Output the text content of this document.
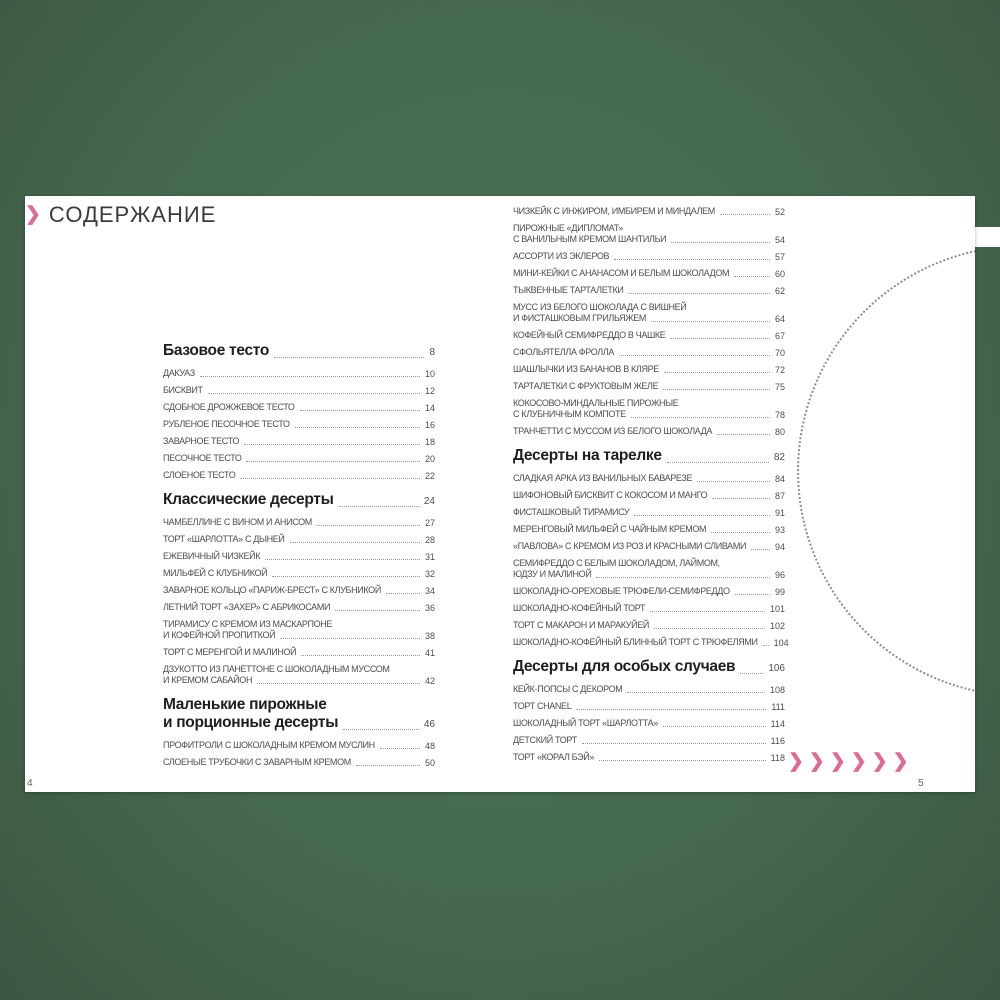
❯ СОДЕРЖАНИЕ
Базовое тесто	8
ДАКУАЗ	10
БИСКВИТ	12
СДОБНОЕ ДРОЖЖЕВОЕ ТЕСТО	14
РУБЛЕНОЕ ПЕСОЧНОЕ ТЕСТО	16
ЗАВАРНОЕ ТЕСТО	18
ПЕСОЧНОЕ ТЕСТО	20
СЛОЕНОЕ ТЕСТО	22
Классические десерты	24
ЧАМБЕЛЛИНЕ С ВИНОМ И АНИСОМ	27
ТОРТ «ШАРЛОТТА» С ДЫНЕЙ	28
ЕЖЕВИЧНЫЙ ЧИЗКЕЙК	31
МИЛЬФЕЙ С КЛУБНИКОЙ	32
ЗАВАРНОЕ КОЛЬЦО «ПАРИЖ-БРЕСТ» С КЛУБНИКОЙ	34
ЛЕТНИЙ ТОРТ «ЗАХЕР» С АБРИКОСАМИ	36
ТИРАМИСУ С КРЕМОМ ИЗ МАСКАРПОНЕ
И КОФЕЙНОЙ ПРОПИТКОЙ	38
ТОРТ С МЕРЕНГОЙ И МАЛИНОЙ	41
ДЗУКОТТО ИЗ ПАНЕТТОНЕ С ШОКОЛАДНЫМ МУССОМ
И КРЕМОМ САБАЙОН	42
Маленькие пирожные
и порционные десерты	46
ПРОФИТРОЛИ С ШОКОЛАДНЫМ КРЕМОМ МУСЛИН	48
СЛОЕНЫЕ ТРУБОЧКИ С ЗАВАРНЫМ КРЕМОМ	50
ЧИЗКЕЙК С ИНЖИРОМ, ИМБИРЕМ И МИНДАЛЕМ	52
ПИРОЖНЫЕ «ДИПЛОМАТ»
С ВАНИЛЬНЫМ КРЕМОМ ШАНТИЛЬИ	54
АССОРТИ ИЗ ЭКЛЕРОВ	57
МИНИ-КЕЙКИ С АНАНАСОМ И БЕЛЫМ ШОКОЛАДОМ	60
ТЫКВЕННЫЕ ТАРТАЛЕТКИ	62
МУСС ИЗ БЕЛОГО ШОКОЛАДА С ВИШНЕЙ
И ФИСТАШКОВЫМ ГРИЛЬЯЖЕМ	64
КОФЕЙНЫЙ СЕМИФРЕДДО В ЧАШКЕ	67
СФОЛЬЯТЕЛЛА ФРОЛЛА	70
ШАШЛЫЧКИ ИЗ БАНАНОВ В КЛЯРЕ	72
ТАРТАЛЕТКИ С ФРУКТОВЫМ ЖЕЛЕ	75
КОКОСОВО-МИНДАЛЬНЫЕ ПИРОЖНЫЕ
С КЛУБНИЧНЫМ КОМПОТЕ	78
ТРАНЧЕТТИ С МУССОМ ИЗ БЕЛОГО ШОКОЛАДА	80
Десерты на тарелке	82
СЛАДКАЯ АРКА ИЗ ВАНИЛЬНЫХ БАВАРЕЗЕ	84
ШИФОНОВЫЙ БИСКВИТ С КОКОСОМ И МАНГО	87
ФИСТАШКОВЫЙ ТИРАМИСУ	91
МЕРЕНГОВЫЙ МИЛЬФЕЙ С ЧАЙНЫМ КРЕМОМ	93
«ПАВЛОВА» С КРЕМОМ ИЗ РОЗ И КРАСНЫМИ СЛИВАМИ	94
СЕМИФРЕДДО С БЕЛЫМ ШОКОЛАДОМ, ЛАЙМОМ,
ЮДЗУ И МАЛИНОЙ	96
ШОКОЛАДНО-ОРЕХОВЫЕ ТРЮФЕЛИ-СЕМИФРЕДДО	99
ШОКОЛАДНО-КОФЕЙНЫЙ ТОРТ	101
ТОРТ С МАКАРОН И МАРАКУЙЕЙ	102
ШОКОЛАДНО-КОФЕЙНЫЙ БЛИННЫЙ ТОРТ С ТРЮФЕЛЯМИ 104
Десерты для особых случаев	106
КЕЙК-ПОПСЫ С ДЕКОРОМ	108
ТОРТ CHANEL	111
ШОКОЛАДНЫЙ ТОРТ «ШАРЛОТТА»	114
ДЕТСКИЙ ТОРТ	116
ТОРТ «КОРАЛ БЭЙ»	118 ❯ ❯ ❯ ❯ ❯ ❯
4	5
